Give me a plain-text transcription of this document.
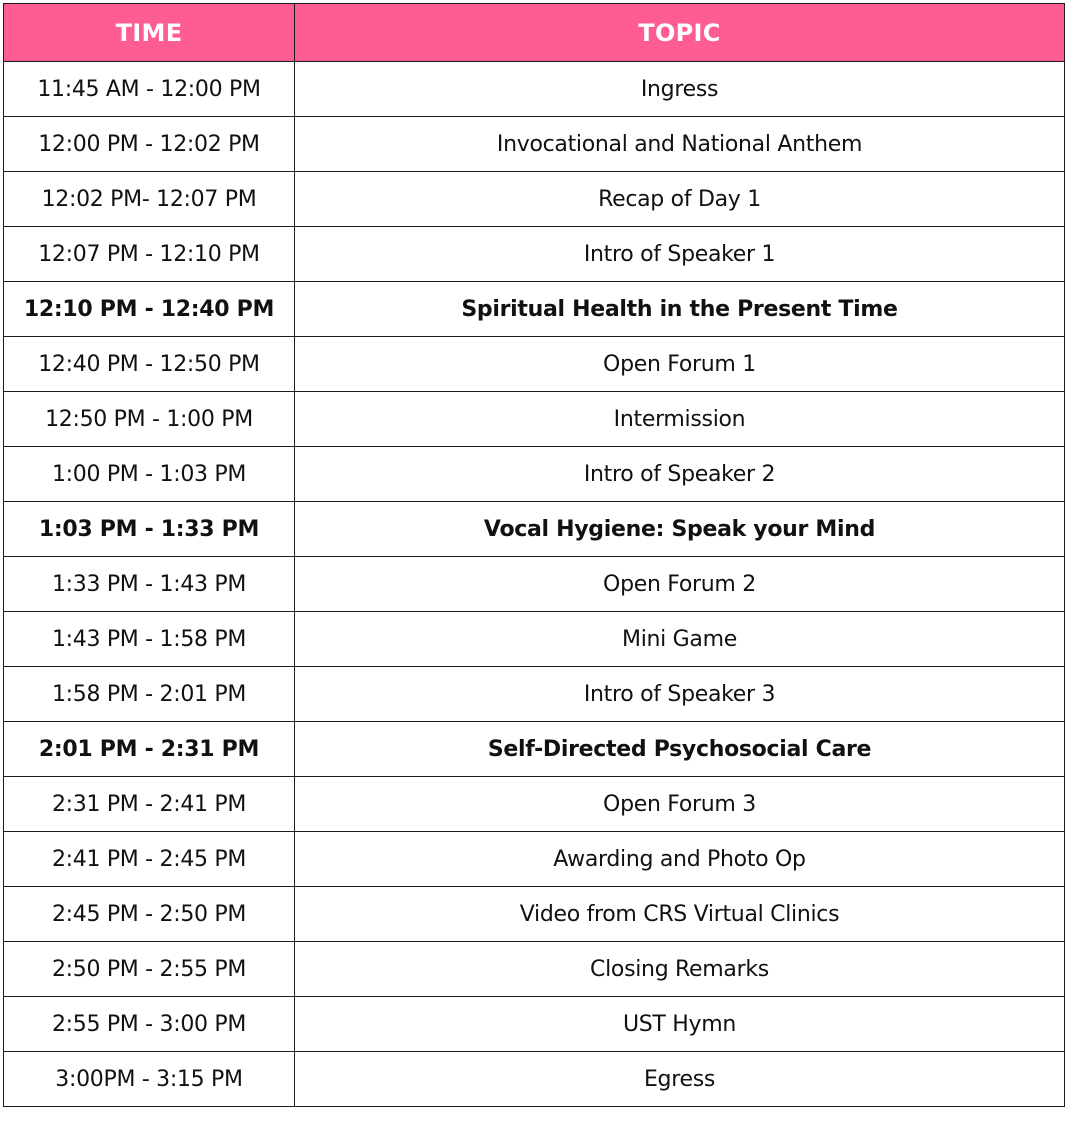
TIME	TOPIC
11:45 AM - 12:00 PM	Ingress
12:00 PM - 12:02 PM	Invocational and National Anthem
12:02 PM- 12:07 PM	Recap of Day 1
12:07 PM - 12:10 PM	Intro of Speaker 1
12:10 PM - 12:40 PM	Spiritual Health in the Present Time
12:40 PM - 12:50 PM	Open Forum 1
12:50 PM - 1:00 PM	Intermission
1:00 PM - 1:03 PM	Intro of Speaker 2
1:03 PM - 1:33 PM	Vocal Hygiene: Speak your Mind
1:33 PM - 1:43 PM	Open Forum 2
1:43 PM - 1:58 PM	Mini Game
1:58 PM - 2:01 PM	Intro of Speaker 3
2:01 PM - 2:31 PM	Self-Directed Psychosocial Care
2:31 PM - 2:41 PM	Open Forum 3
2:41 PM - 2:45 PM	Awarding and Photo Op
2:45 PM - 2:50 PM	Video from CRS Virtual Clinics
2:50 PM - 2:55 PM	Closing Remarks
2:55 PM - 3:00 PM	UST Hymn
3:00PM - 3:15 PM	Egress
